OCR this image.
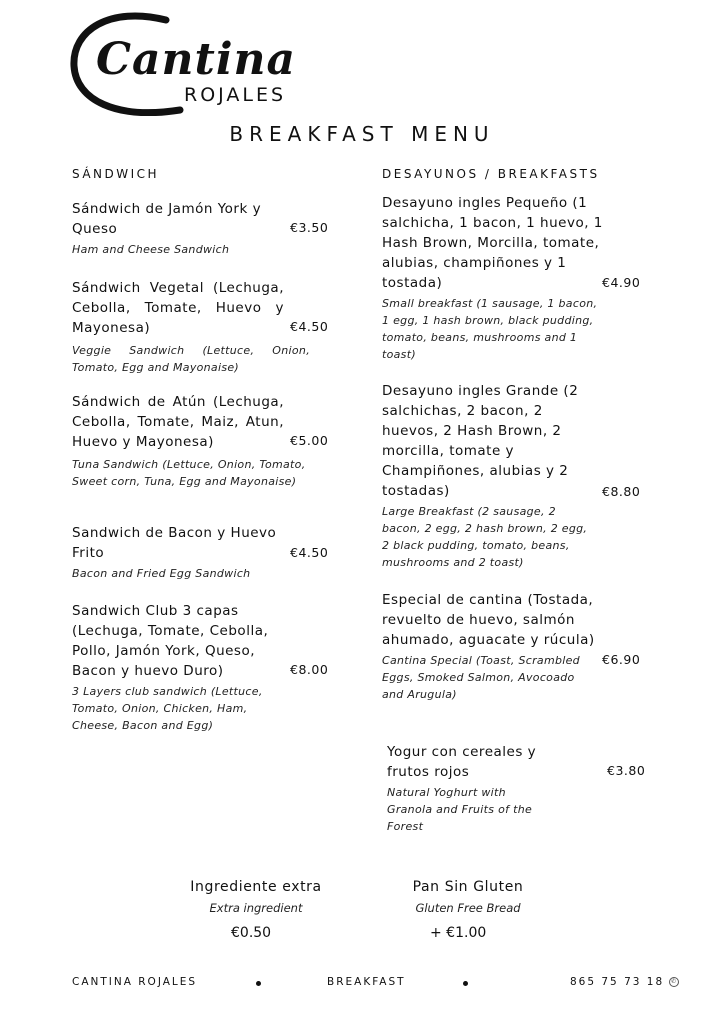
Cantina
ROJALES
BREAKFAST MENU
SÁNDWICH
Sándwich de Jamón York y Queso
Ham and Cheese Sandwich
€3.50
Sándwich Vegetal (Lechuga, Cebolla, Tomate, Huevo y Mayonesa)
Veggie Sandwich (Lettuce, Onion, Tomato, Egg and Mayonaise)
€4.50
Sándwich de Atún (Lechuga, Cebolla, Tomate, Maiz, Atun, Huevo y Mayonesa)
Tuna Sandwich (Lettuce, Onion, Tomato, Sweet corn, Tuna, Egg and Mayonaise)
€5.00
Sandwich de Bacon y Huevo Frito
Bacon and Fried Egg Sandwich
€4.50
Sandwich Club 3 capas (Lechuga, Tomate, Cebolla, Pollo, Jamón York, Queso, Bacon y huevo Duro)
3 Layers club sandwich (Lettuce, Tomato, Onion, Chicken, Ham, Cheese, Bacon and Egg)
€8.00
DESAYUNOS / BREAKFASTS
Desayuno ingles Pequeño (1 salchicha, 1 bacon, 1 huevo, 1 Hash Brown, Morcilla, tomate, alubias, champiñones y 1 tostada)
Small breakfast (1 sausage, 1 bacon, 1 egg, 1 hash brown, black pudding, tomato, beans, mushrooms and 1 toast)
€4.90
Desayuno ingles Grande (2 salchichas, 2 bacon, 2 huevos, 2 Hash Brown, 2 morcilla, tomate y Champiñones, alubias y 2 tostadas)
Large Breakfast (2 sausage, 2 bacon, 2 egg, 2 hash brown, 2 egg, 2 black pudding, tomato, beans, mushrooms and 2 toast)
€8.80
Especial de cantina (Tostada, revuelto de huevo, salmón ahumado, aguacate y rúcula)
Cantina Special (Toast, Scrambled Eggs, Smoked Salmon, Avocoado and Arugula)
€6.90
Yogur con cereales y frutos rojos
Natural Yoghurt with Granola and Fruits of the Forest
€3.80
Ingrediente extra
Extra ingredient
€0.50
Pan Sin Gluten
Gluten Free Bread
+ €1.00
CANTINA ROJALES	BREAKFAST	865 75 73 18 ✆
